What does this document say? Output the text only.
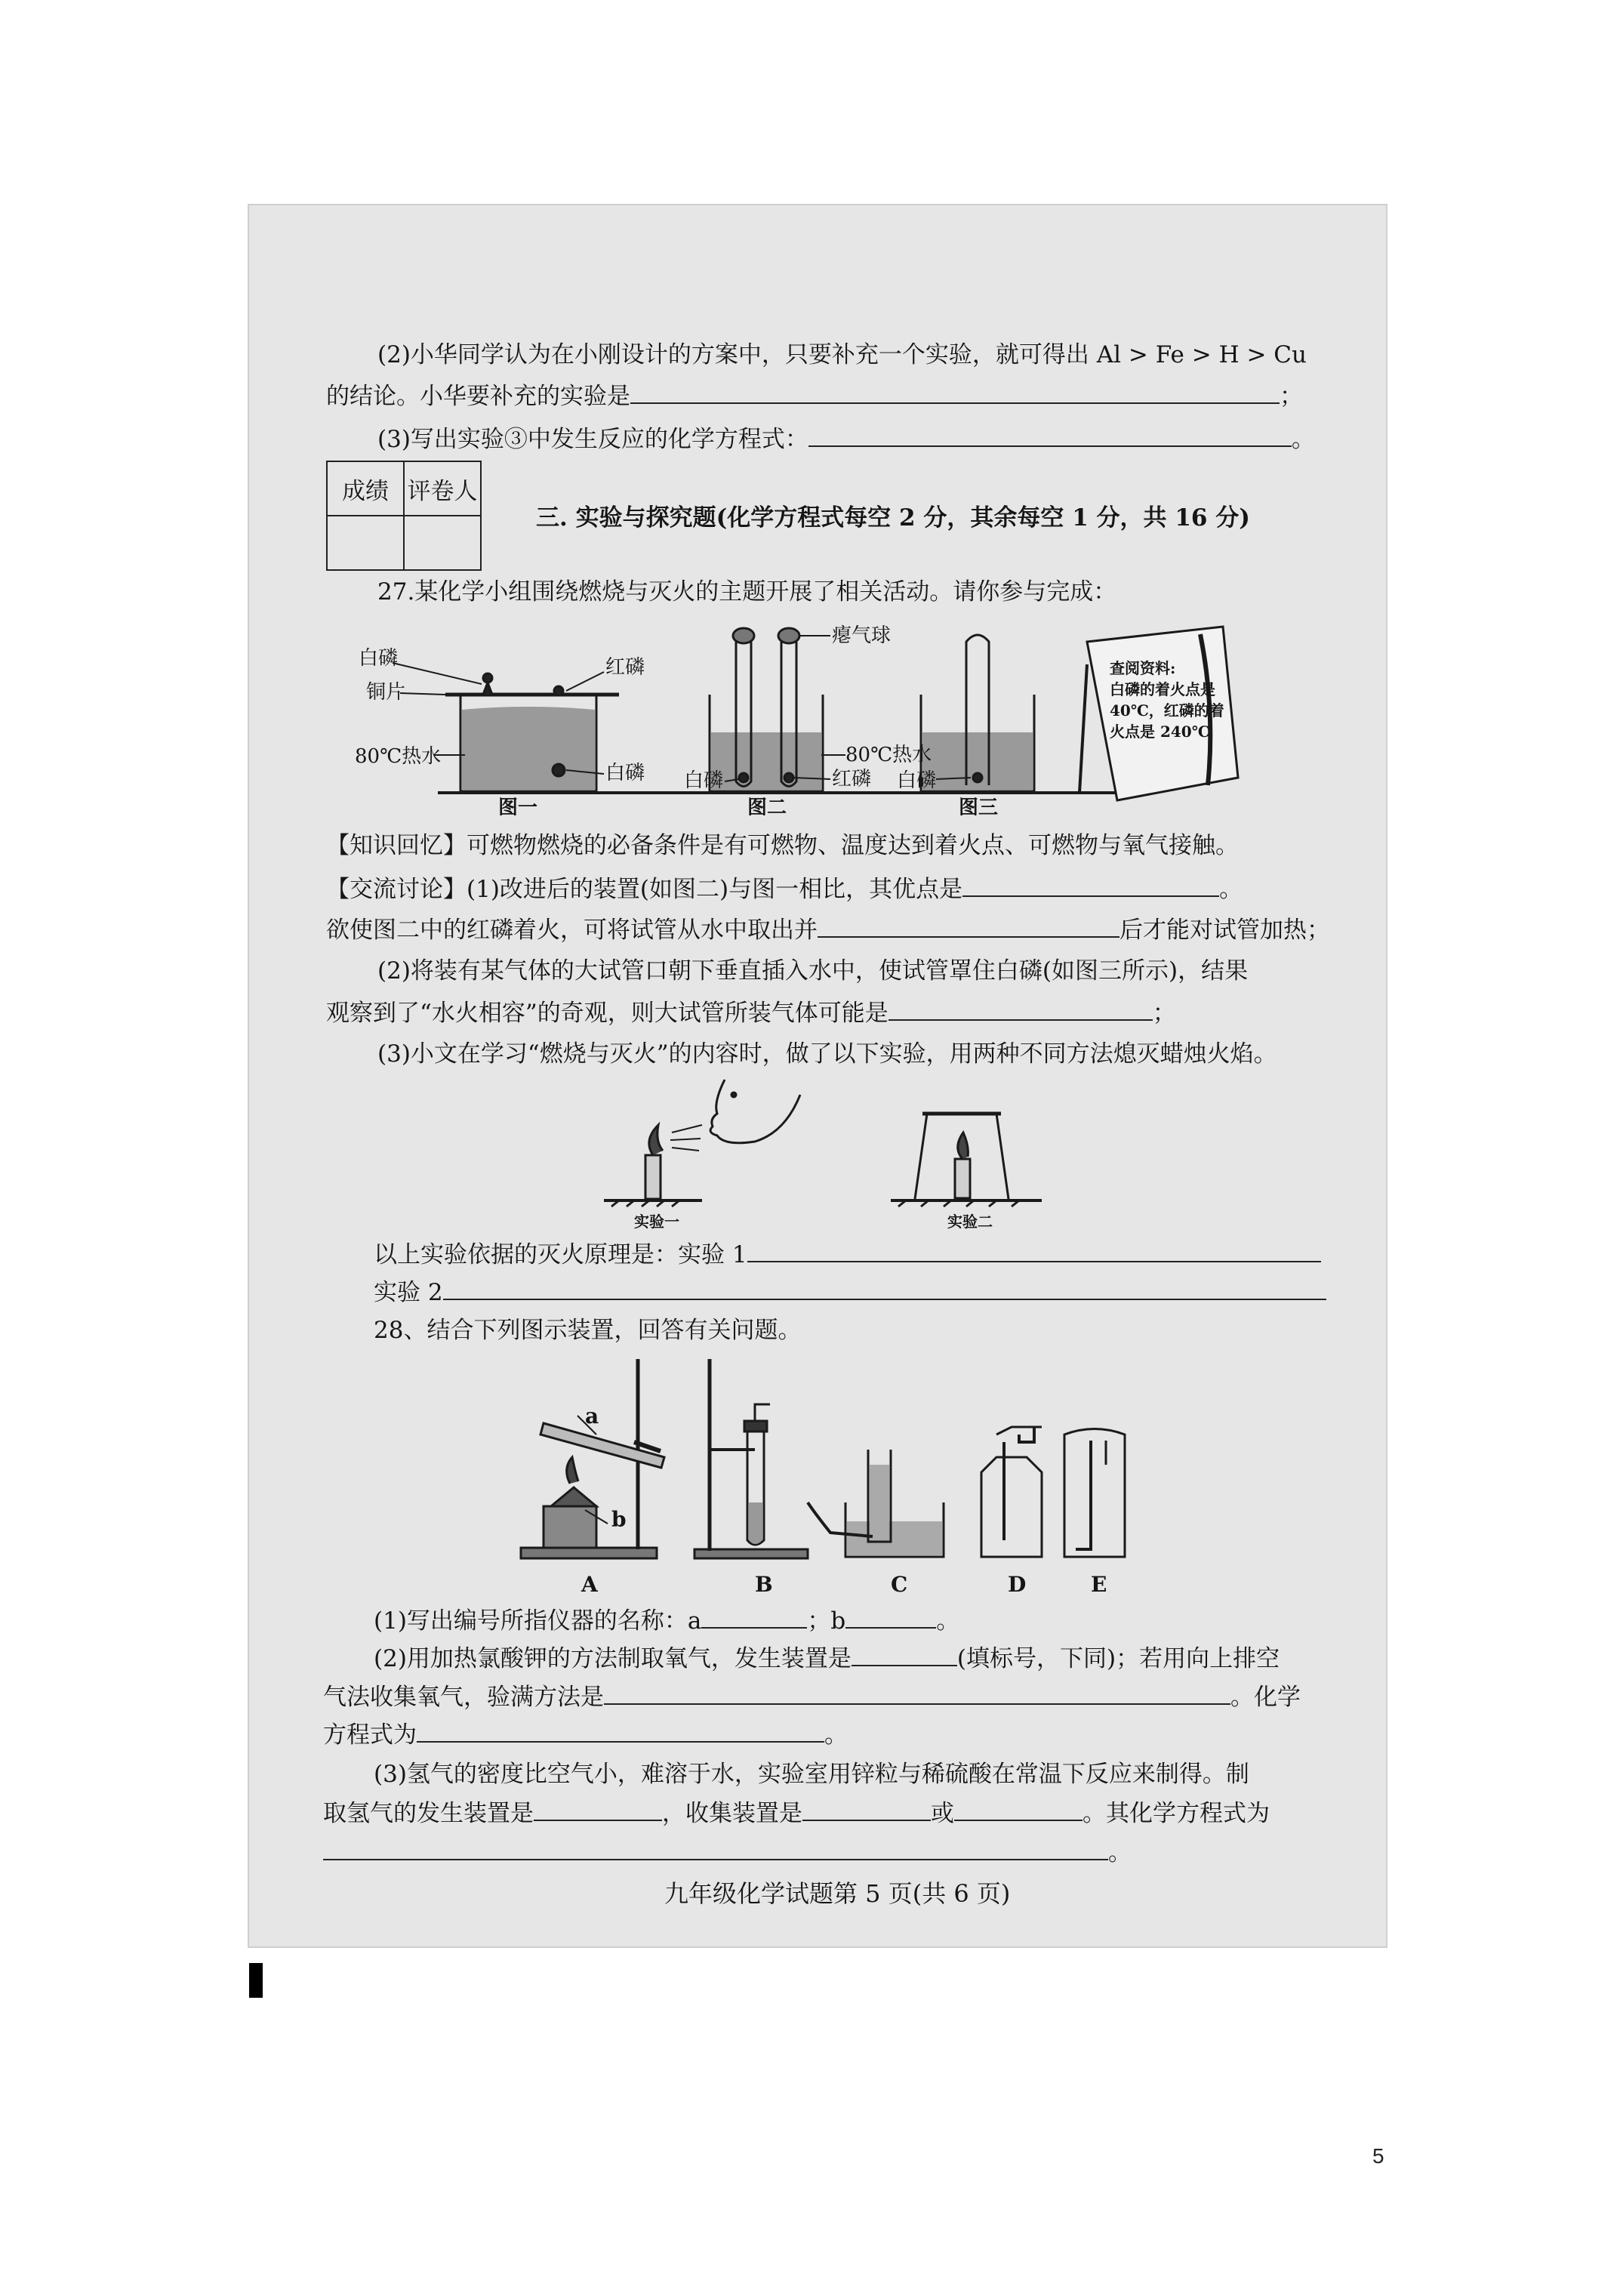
(2)小华同学认为在小刚设计的方案中，只要补充一个实验，就可得出 Al > Fe > H > Cu
的结论。小华要补充的实验是	；
(3)写出实验③中发生反应的化学方程式：	。
成绩	评卷人

三. 实验与探究题(化学方程式每空 2 分，其余每空 1 分，共 16 分)
27.某化学小组围绕燃烧与灭火的主题开展了相关活动。请你参与完成：
白磷
铜片
红磷
80℃热水
白磷
瘪气球
80℃热水
白磷	红磷 白磷
查阅资料:
白磷的着火点是
40℃，红磷的着
火点是 240℃
图一	图二	图三
【知识回忆】可燃物燃烧的必备条件是有可燃物、温度达到着火点、可燃物与氧气接触。
【交流讨论】(1)改进后的装置(如图二)与图一相比，其优点是	。
欲使图二中的红磷着火，可将试管从水中取出并	后才能对试管加热；
(2)将装有某气体的大试管口朝下垂直插入水中，使试管罩住白磷(如图三所示)，结果
观察到了“水火相容”的奇观，则大试管所装气体可能是	；
(3)小文在学习“燃烧与灭火”的内容时，做了以下实验，用两种不同方法熄灭蜡烛火焰。
实验一	实验二
以上实验依据的灭火原理是：实验 1
实验 2
28、结合下列图示装置，回答有关问题。
a
b
A	B	C	D	E
(1)写出编号所指仪器的名称：a	；b	。
(2)用加热氯酸钾的方法制取氧气，发生装置是	(填标号，下同)；若用向上排空
气法收集氧气，验满方法是	。化学
方程式为	。
(3)氢气的密度比空气小，难溶于水，实验室用锌粒与稀硫酸在常温下反应来制得。制
取氢气的发生装置是	，收集装置是	或	。其化学方程式为
。
九年级化学试题第 5 页(共 6 页)
5
